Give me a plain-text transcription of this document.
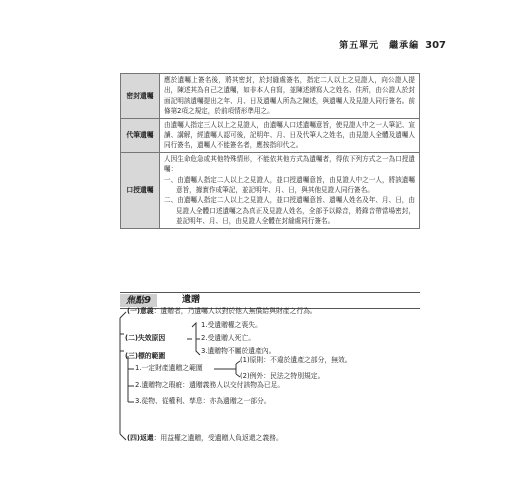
第五單元　繼承編 307
密封遺囑	應於遺囑上簽名後，將其密封，於封縫處簽名，指定二人以上之見證人，向公證人提出，陳述其為自己之遺囑，如非本人自寫，並陳述繕寫人之姓名、住所，由公證人於封面記明該遺囑提出之年、月、日及遺囑人所為之陳述，與遺囑人及見證人同行簽名。前條第2項之規定，於前項情形準用之。
代筆遺囑	由遺囑人指定三人以上之見證人，由遺囑人口述遺囑意旨，使見證人中之一人筆記、宣讀、講解，經遺囑人認可後，記明年、月、日及代筆人之姓名，由見證人全體及遺囑人同行簽名，遺囑人不能簽名者，應按指印代之。
口授遺囑	人因生命危急或其他特殊情形，不能依其他方式為遺囑者，得依下列方式之一為口授遺囑：
一、由遺囑人指定二人以上之見證人，並口授遺囑意旨，由見證人中之一人，將該遺囑意旨，據實作成筆記，並記明年、月、日，與其他見證人同行簽名。
二、由遺囑人指定二人以上之見證人，並口授遺囑意旨、遺囑人姓名及年、月、日，由見證人全體口述遺囑之為真正及見證人姓名，全部予以錄音，將錄音帶當場密封，並記明年、月、日，由見證人全體在封縫處同行簽名。
焦點9	遺贈
(一)意義：遺贈者，乃遺囑人以對於他人無償給與財產之行為。
(二)失效原因
1.受遺贈權之喪失。
2.受遺贈人死亡。
3.遺贈物不屬於遺產內。
(三)標的範圍
1.一定財產遺贈之範圍
(1)原則：不違於遺產之部分，無效。
(2)例外：民法之特別規定。
2.遺贈物之瑕疵：遺贈義務人以交付該物為已足。
3.從物、從權利、孳息：亦為遺贈之一部分。
(四)返還：用益權之遺贈，受遺贈人負返還之義務。
